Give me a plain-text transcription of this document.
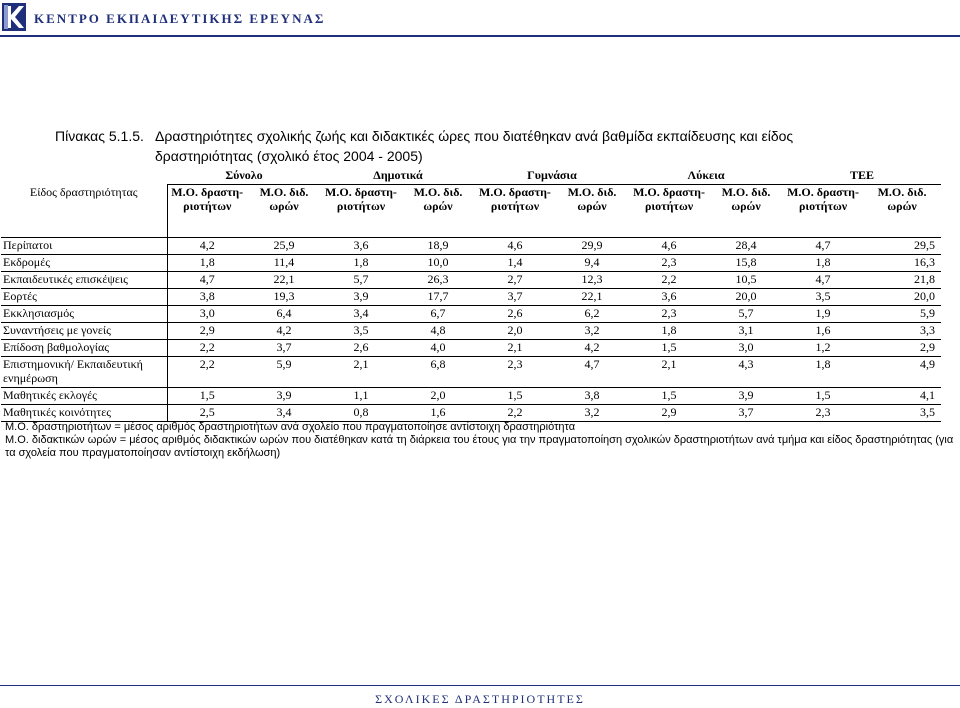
ΚΕΝΤΡΟ ΕΚΠΑΙΔΕΥΤΙΚΗΣ ΕΡΕΥΝΑΣ
Πίνακας 5.1.5. Δραστηριότητες σχολικής ζωής και διδακτικές ώρες που διατέθηκαν ανά βαθμίδα εκπαίδευσης και είδος
δραστηριότητας (σχολικό έτος 2004 - 2005)
	Σύνολο		Δημοτικά		Γυμνάσια		Λύκεια		ΤΕΕ	
Είδος δραστηριότητας	Μ.Ο. δραστη- ριοτήτων	Μ.Ο. διδ. ωρών	Μ.Ο. δραστη- ριοτήτων	Μ.Ο. διδ. ωρών	Μ.Ο. δραστη- ριοτήτων	Μ.Ο. διδ. ωρών	Μ.Ο. δραστη- ριοτήτων	Μ.Ο. διδ. ωρών	Μ.Ο. δραστη- ριοτήτων	Μ.Ο. διδ. ωρών
Περίπατοι	4,2	25,9	3,6	18,9	4,6	29,9	4,6	28,4	4,7	29,5
Εκδρομές	1,8	11,4	1,8	10,0	1,4	9,4	2,3	15,8	1,8	16,3
Εκπαιδευτικές επισκέψεις	4,7	22,1	5,7	26,3	2,7	12,3	2,2	10,5	4,7	21,8
Εορτές	3,8	19,3	3,9	17,7	3,7	22,1	3,6	20,0	3,5	20,0
Εκκλησιασμός	3,0	6,4	3,4	6,7	2,6	6,2	2,3	5,7	1,9	5,9
Συναντήσεις με γονείς	2,9	4,2	3,5	4,8	2,0	3,2	1,8	3,1	1,6	3,3
Επίδοση βαθμολογίας	2,2	3,7	2,6	4,0	2,1	4,2	1,5	3,0	1,2	2,9
Επιστημονική/ Εκπαιδευτική ενημέρωση	2,2	5,9	2,1	6,8	2,3	4,7	2,1	4,3	1,8	4,9
Μαθητικές εκλογές	1,5	3,9	1,1	2,0	1,5	3,8	1,5	3,9	1,5	4,1
Μαθητικές κοινότητες	2,5	3,4	0,8	1,6	2,2	3,2	2,9	3,7	2,3	3,5

Μ.Ο. δραστηριοτήτων = μέσος αριθμός δραστηριοτήτων ανά σχολείο που πραγματοποίησε αντίστοιχη δραστηριότητα

Μ.Ο. διδακτικών ωρών = μέσος αριθμός διδακτικών ωρών που διατέθηκαν κατά τη διάρκεια του έτους για την πραγματοποίηση σχολικών δραστηριοτήτων ανά τμήμα και είδος δραστηριότητας (για τα σχολεία που πραγματοποίησαν αντίστοιχη εκδήλωση)

ΣΧΟΛΙΚΕΣ ΔΡΑΣΤΗΡΙΟΤΗΤΕΣ
